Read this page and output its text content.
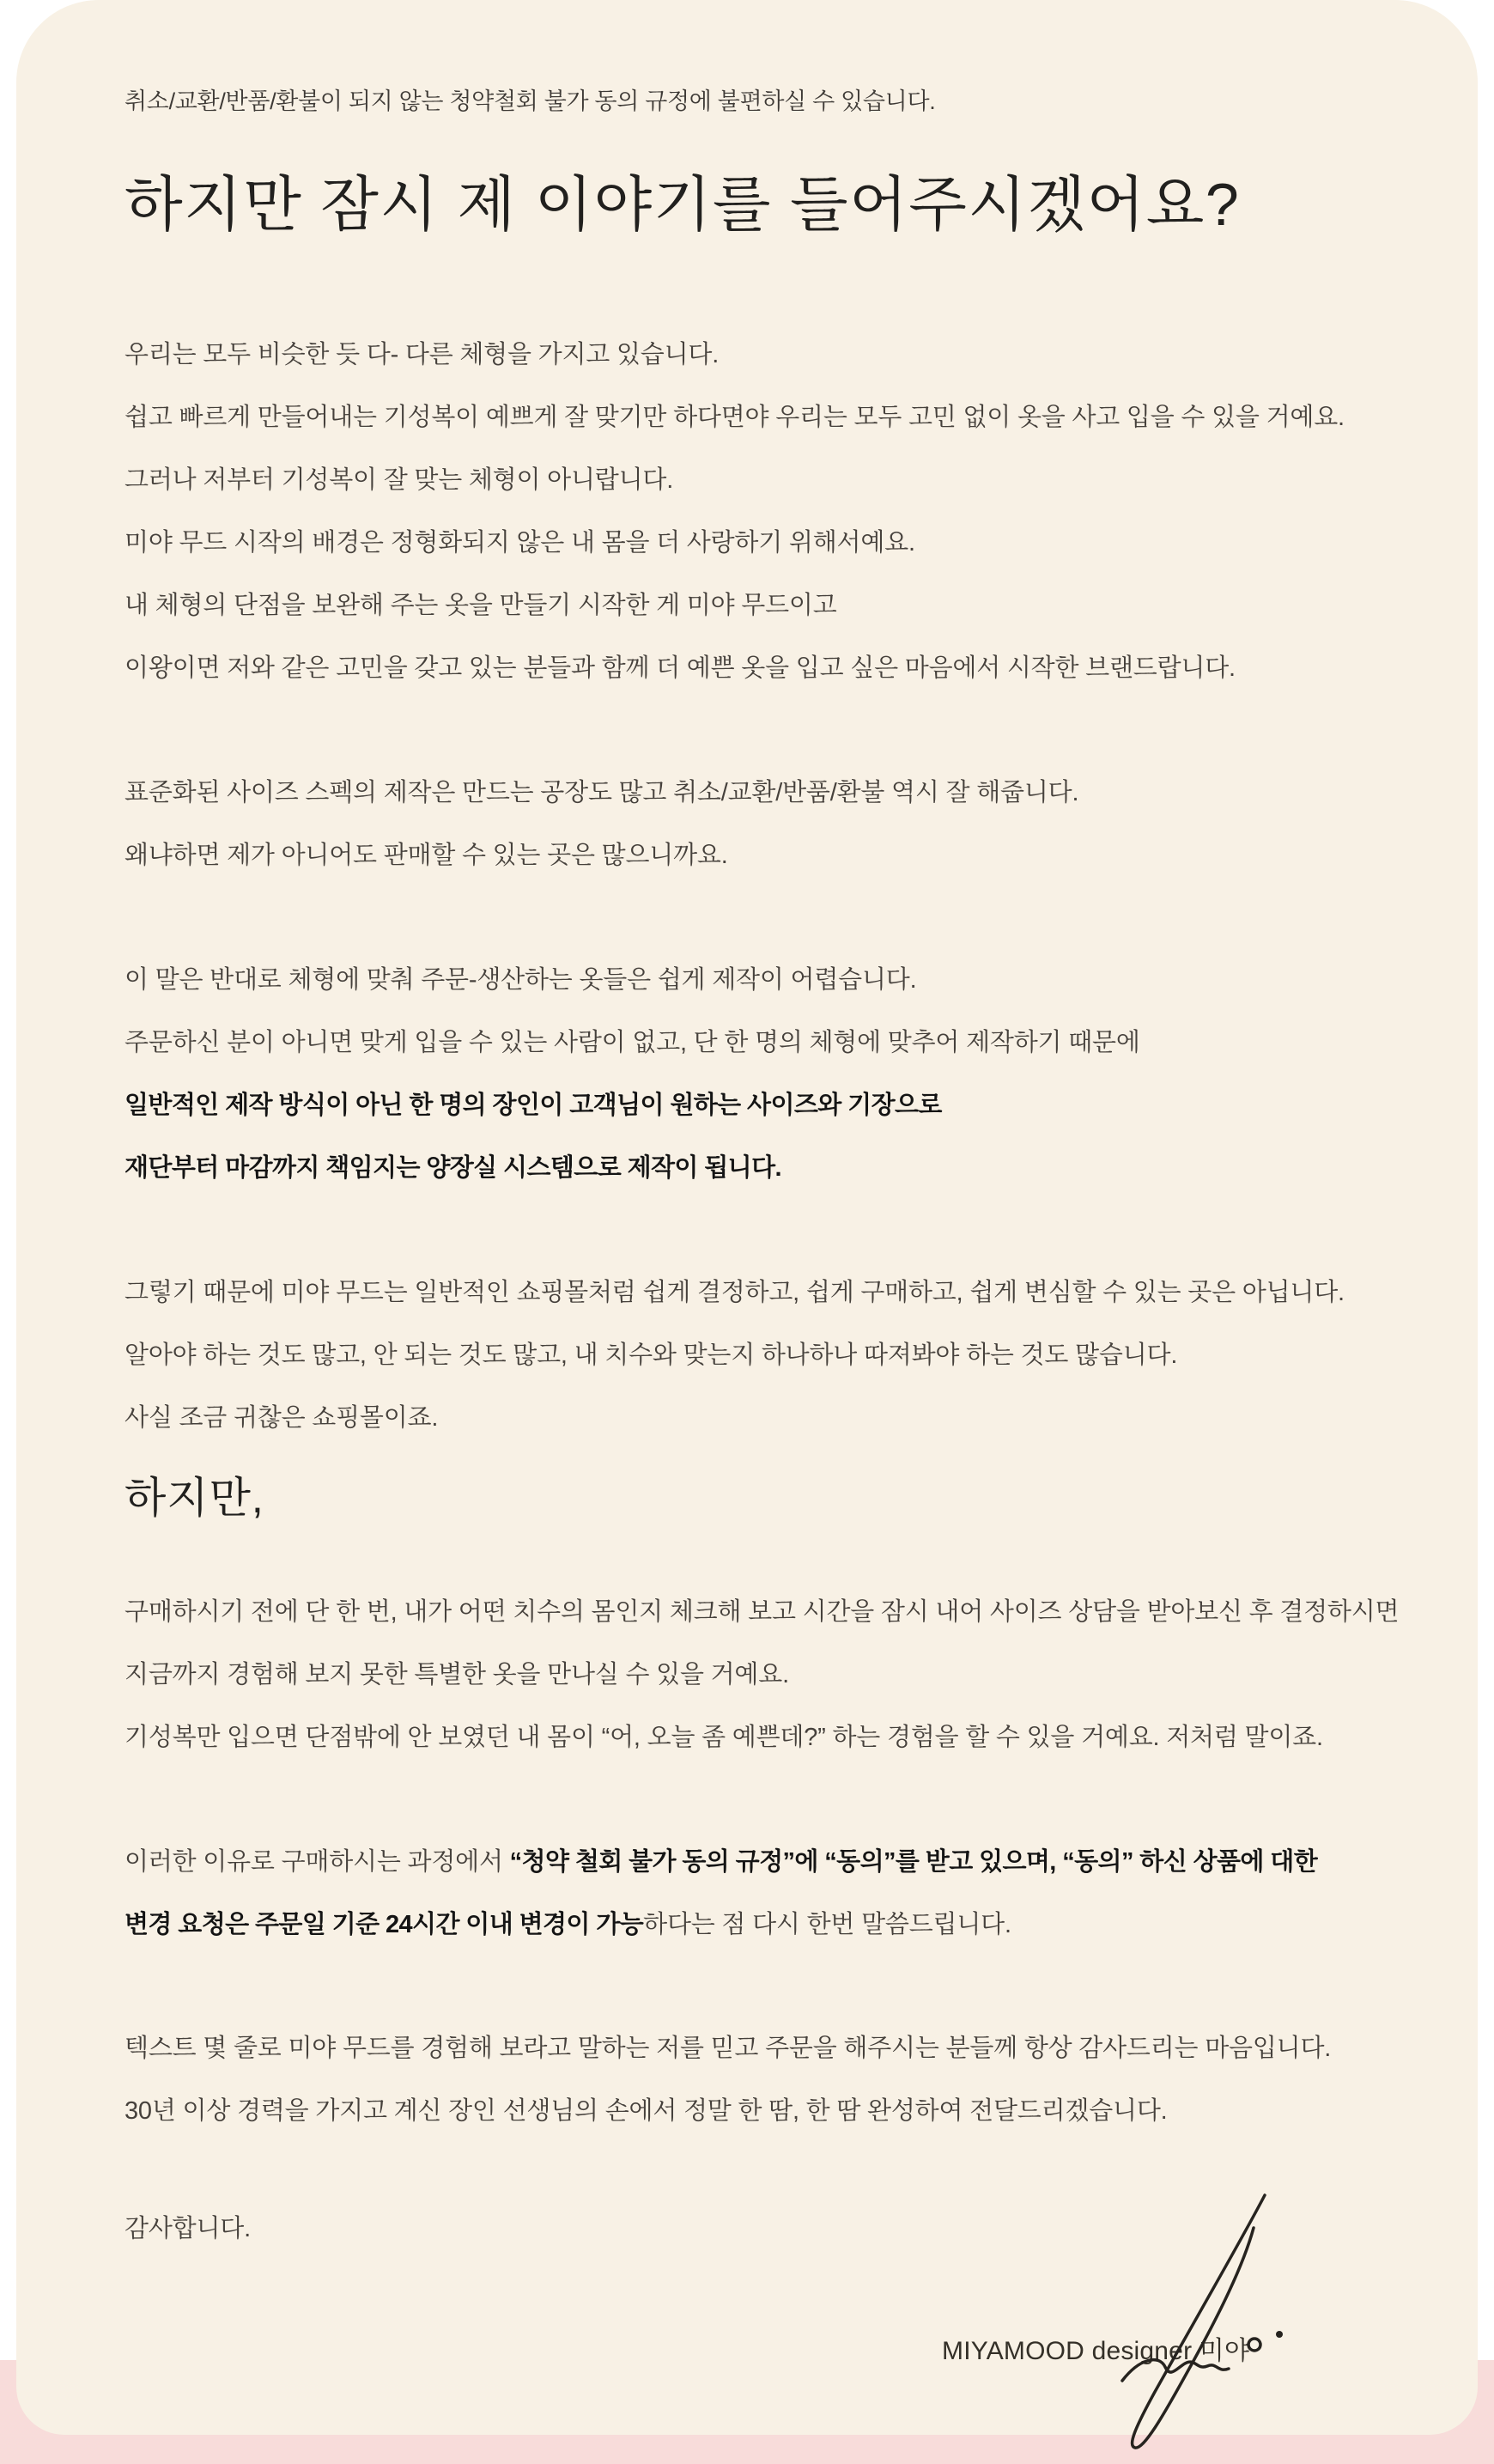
취소/교환/반품/환불이 되지 않는 청약철회 불가 동의 규정에 불편하실 수 있습니다.

하지만 잠시 제 이야기를 들어주시겠어요?

우리는 모두 비슷한 듯 다- 다른 체형을 가지고 있습니다.

쉽고 빠르게 만들어내는 기성복이 예쁘게 잘 맞기만 하다면야 우리는 모두 고민 없이 옷을 사고 입을 수 있을 거예요.

그러나 저부터 기성복이 잘 맞는 체형이 아니랍니다.

미야 무드 시작의 배경은 정형화되지 않은 내 몸을 더 사랑하기 위해서예요.

내 체형의 단점을 보완해 주는 옷을 만들기 시작한 게 미야 무드이고

이왕이면 저와 같은 고민을 갖고 있는 분들과 함께 더 예쁜 옷을 입고 싶은 마음에서 시작한 브랜드랍니다.

표준화된 사이즈 스펙의 제작은 만드는 공장도 많고 취소/교환/반품/환불 역시 잘 해줍니다.

왜냐하면 제가 아니어도 판매할 수 있는 곳은 많으니까요.

이 말은 반대로 체형에 맞춰 주문-생산하는 옷들은 쉽게 제작이 어렵습니다.

주문하신 분이 아니면 맞게 입을 수 있는 사람이 없고, 단 한 명의 체형에 맞추어 제작하기 때문에

일반적인 제작 방식이 아닌 한 명의 장인이 고객님이 원하는 사이즈와 기장으로

재단부터 마감까지 책임지는 양장실 시스템으로 제작이 됩니다.

그렇기 때문에 미야 무드는 일반적인 쇼핑몰처럼 쉽게 결정하고, 쉽게 구매하고, 쉽게 변심할 수 있는 곳은 아닙니다.

알아야 하는 것도 많고, 안 되는 것도 많고, 내 치수와 맞는지 하나하나 따져봐야 하는 것도 많습니다.

사실 조금 귀찮은 쇼핑몰이죠.

하지만,

구매하시기 전에 단 한 번, 내가 어떤 치수의 몸인지 체크해 보고 시간을 잠시 내어 사이즈 상담을 받아보신 후 결정하시면

지금까지 경험해 보지 못한 특별한 옷을 만나실 수 있을 거예요.

기성복만 입으면 단점밖에 안 보였던 내 몸이 “어, 오늘 좀 예쁜데?” 하는 경험을 할 수 있을 거예요. 저처럼 말이죠.

이러한 이유로 구매하시는 과정에서 “청약 철회 불가 동의 규정”에 “동의”를 받고 있으며, “동의” 하신 상품에 대한

변경 요청은 주문일 기준 24시간 이내 변경이 가능하다는 점 다시 한번 말씀드립니다.

텍스트 몇 줄로 미야 무드를 경험해 보라고 말하는 저를 믿고 주문을 해주시는 분들께 항상 감사드리는 마음입니다.

30년 이상 경력을 가지고 계신 장인 선생님의 손에서 정말 한 땀, 한 땀 완성하여 전달드리겠습니다.

감사합니다.

MIYAMOOD designer 미야
